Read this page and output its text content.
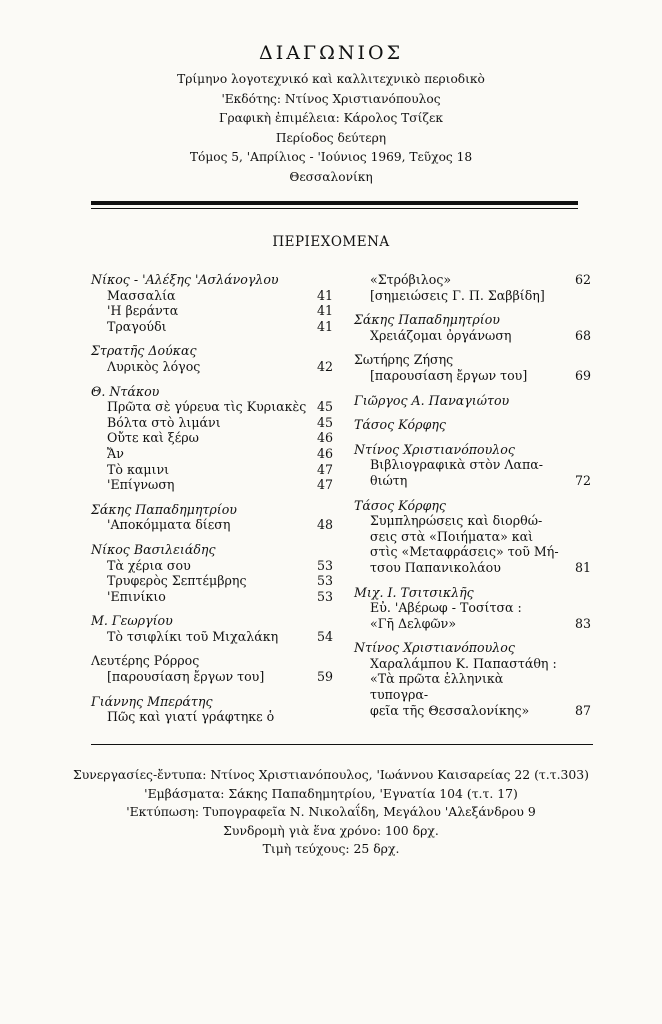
ΔΙΑΓΩΝΙΟΣ
Τρίμηνο λογοτεχνικό καὶ καλλιτεχνικὸ περιοδικὸ
'Εκδότης: Ντίνος Χριστιανόπουλος
Γραφικὴ ἐπιμέλεια: Κάρολος Τσίζεκ
Περίοδος δεύτερη
Τόμος 5, 'Απρίλιος - 'Ιούνιος 1969, Τεῦχος 18
Θεσσαλονίκη
ΠΕΡΙΕΧΟΜΕΝΑ
Νίκος - 'Αλέξης 'Ασλάνογλου
Μασσαλία	41
'Η βεράντα	41
Τραγούδι	41
Στρατῆς Δούκας
Λυρικὸς λόγος	42
Θ. Ντάκου
Πρῶτα σὲ γύρευα τὶς Κυριακὲς 45
Βόλτα στὸ λιμάνι	45
Οὔτε καὶ ξέρω	46
Ἄν	46
Τὸ καμινι	47
'Επίγνωση	47
Σάκης Παπαδημητρίου
'Αποκόμματα δίεση	48
Νίκος Βασιλειάδης
Τὰ χέρια σου	53
Τρυφερὸς Σεπτέμβρης	53
'Επινίκιο	53
Μ. Γεωργίου
Τὸ τσιφλίκι τοῦ Μιχαλάκη	54
Λευτέρης Ρόρρος
[παρουσίαση ἔργων του]	59
Γιάννης Μπεράτης
Πῶς καὶ γιατί γράφτηκε ὁ
«Στρόβιλος»	62
[σημειώσεις Γ. Π. Σαββίδη]
Σάκης Παπαδημητρίου
Χρειάζομαι ὀργάνωση	68
Σωτήρης Ζήσης
[παρουσίαση ἔργων του]	69
Γιῶργος Α. Παναγιώτου
Τάσος Κόρφης
Ντίνος Χριστιανόπουλος
Βιβλιογραφικὰ στὸν Λαπα-
θιώτη	72
Τάσος Κόρφης
Συμπληρώσεις καὶ διορθώ-
σεις στὰ «Ποιήματα» καὶ
στὶς «Μεταφράσεις» τοῦ Μή-
τσου Παπανικολάου	81
Μιχ. Ι. Τσιτσικλῆς
Εὐ. 'Αβέρωφ - Τοσίτσα :
«Γῆ Δελφῶν»	83
Ντίνος Χριστιανόπουλος
Χαραλάμπου Κ. Παπαστάθη :
«Τὰ πρῶτα ἑλληνικὰ τυπογρα-
φεῖα τῆς Θεσσαλονίκης»	87
Συνεργασίες-ἔντυπα: Ντίνος Χριστιανόπουλος, 'Ιωάννου Καισαρείας 22 (τ.τ.303)
'Εμβάσματα: Σάκης Παπαδημητρίου, 'Εγνατία 104 (τ.τ. 17)
'Εκτύπωση: Τυπογραφεῖα Ν. Νικολαΐδη, Μεγάλου 'Αλεξάνδρου 9
Συνδρομὴ γιὰ ἕνα χρόνο: 100 δρχ.
Τιμὴ τεύχους: 25 δρχ.
